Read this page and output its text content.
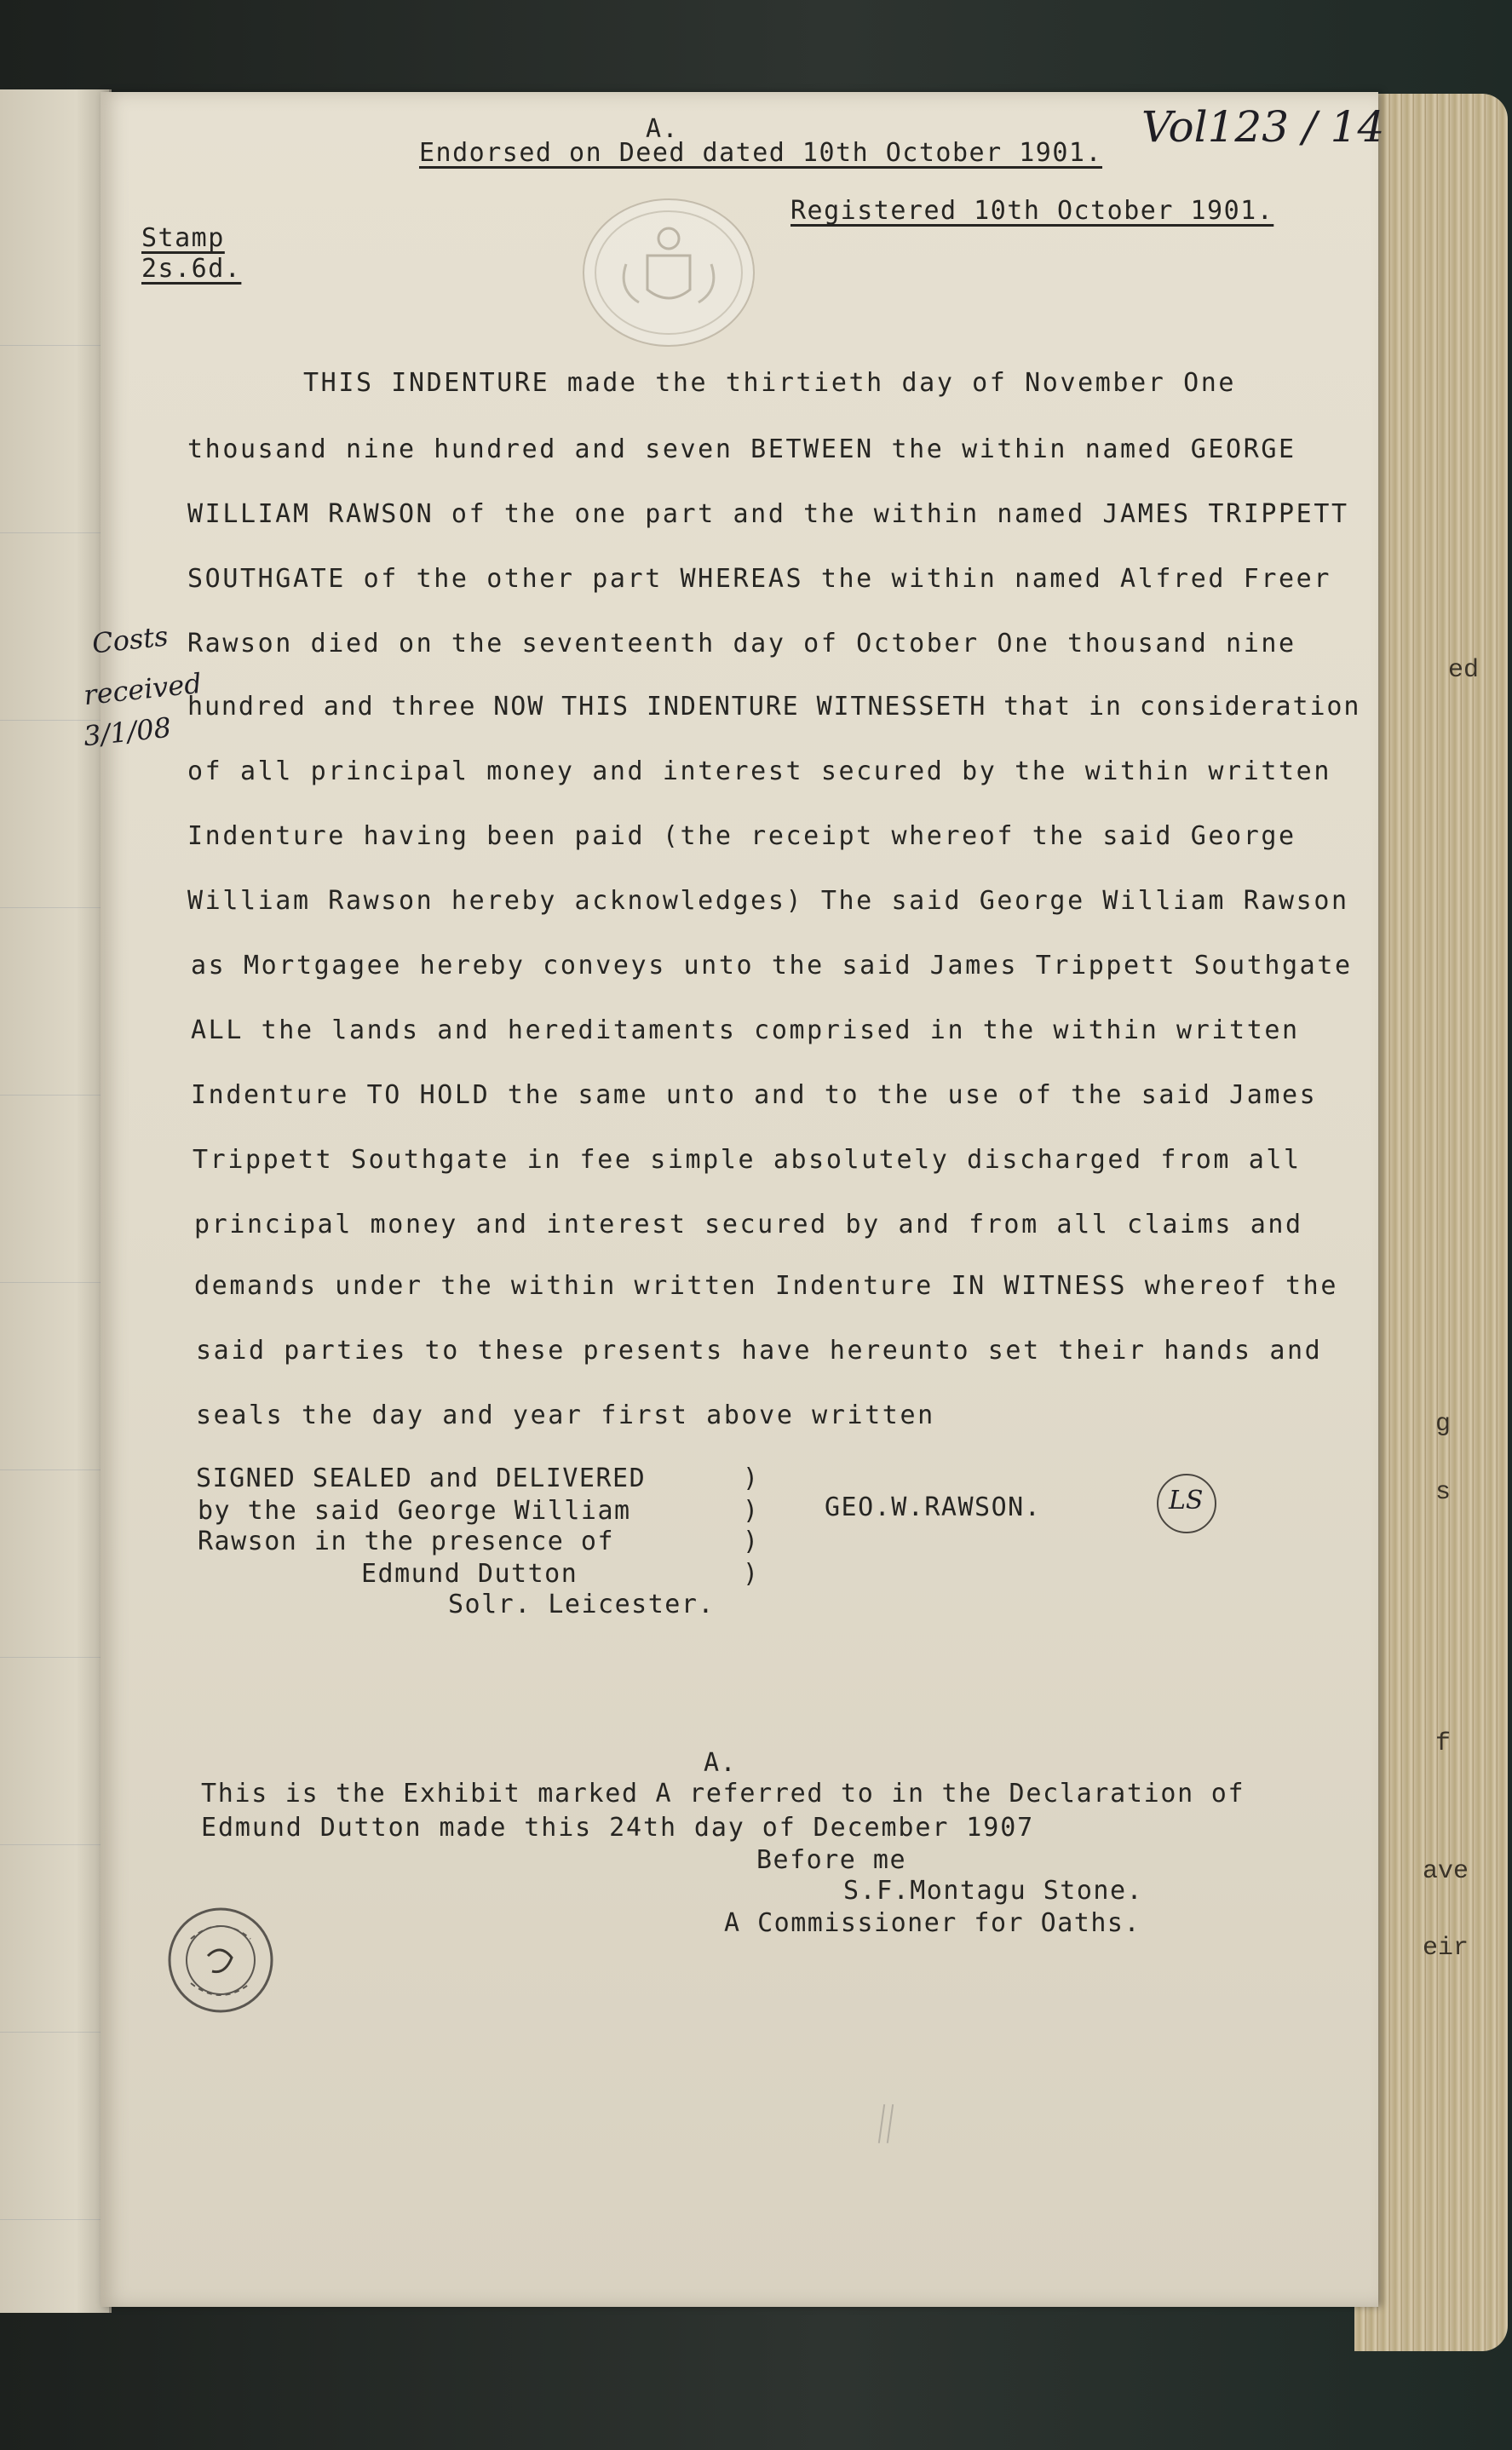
ed
g
s
f
ave
eir
A.
Endorsed on Deed dated 10th October 1901.
Vol123 / 14
Registered 10th October 1901.
Stamp
2s.6d.
Costs
received
3/1/08
THIS INDENTURE made the thirtieth day of November One
thousand nine hundred and seven BETWEEN the within named GEORGE
WILLIAM RAWSON of the one part and the within named JAMES TRIPPETT
SOUTHGATE of the other part WHEREAS the within named Alfred Freer
Rawson died on the seventeenth day of October One thousand nine
hundred and three NOW THIS INDENTURE WITNESSETH that in consideration
of all principal money and interest secured by the within written
Indenture having been paid (the receipt whereof the said George
William Rawson hereby acknowledges) The said George William Rawson
as Mortgagee hereby conveys unto the said James Trippett Southgate
ALL the lands and hereditaments comprised in the within written
Indenture TO HOLD the same unto and to the use of the said James
Trippett Southgate in fee simple absolutely discharged from all
principal money and interest secured by and from all claims and
demands under the within written Indenture IN WITNESS whereof the
said parties to these presents have hereunto set their hands and
seals the day and year first above written
SIGNED SEALED and DELIVERED
by the said George William
Rawson in the presence of
Edmund Dutton
Solr. Leicester.
)
)
)
)
GEO.W.RAWSON.	LS
A.
This is the Exhibit marked A referred to in the Declaration of
Edmund Dutton made this 24th day of December 1907
Before me
S.F.Montagu Stone.
A Commissioner for Oaths.
